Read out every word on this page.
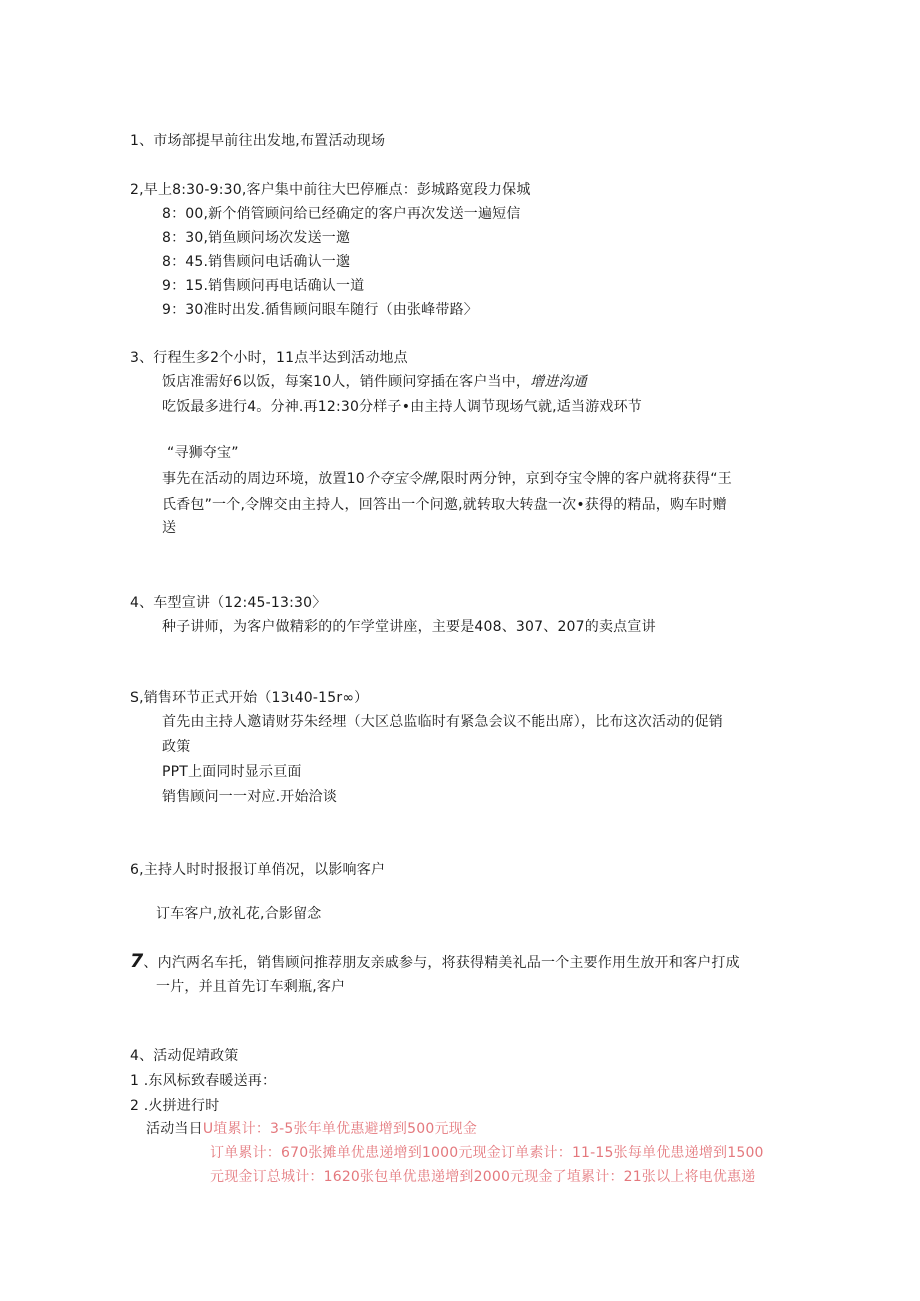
1、市场部提早前往出发地,布置活动现场
2,早上8:30-9:30,客户集中前往大巴停雁点：彭城路宽段力保城
8：00,新个俏管顾问给已经确定的客户再次发送一遍短信
8：30,销鱼顾问场次发送一邀
8：45.销售顾问电话确认一邈
9：15.销售顾问再电话确认一道
9：30准时出发.循售顾问眼车随行（由张峰带路〉
3、行程生多2个小时，11点半达到活动地点
饭店准需好6以饭，每案10人，销件顾问穿插在客户当中，增进沟通
吃饭最多进行4。分神.再12:30分样子•由主持人调节现场气就,适当游戏环节
“寻狮夺宝”
事先在活动的周边环境，放置10个夺宝令牌,限时两分钟，京到夺宝令牌的客户就将获得“王
氏香包”一个,令牌交由主持人，回答出一个问邀,就转取大转盘一次•获得的精品，购车时赠
送
4、车型宣讲（12:45-13:30〉
种子讲师，为客户做精彩的的乍学堂讲座，主要是408、307、207的卖点宣讲
S,销售环节正式开始（13ι40-15r∞）
首先由主持人邀请财芬朱经埋（大区总监临时有紧急会议不能出席），比布这次活动的促销
政策
PPT上面同时显示亘面
销售顾问一一对应.开始洽谈
6,主持人时时报报订单俏况，以影响客户
订车客户,放礼花,合影留念
7、内汽两名车托，销售顾问推荐朋友亲戚参与，将获得精美礼品一个主要作用生放开和客户打成
一片，并且首先订车剩瓶,客户
4、活动促靖政策
1 .东风标致春暖送再：
2 .火拼进行时
活动当日U埴累计：3-5张年单优惠避增到500元现金
订单累计：670张摊单优患递增到1000元现金订单素计：11-15张每单优患递增到1500
元现金订总城计：1620张包单优患递增到2000元现金了埴累计：21张以上将电优惠递
